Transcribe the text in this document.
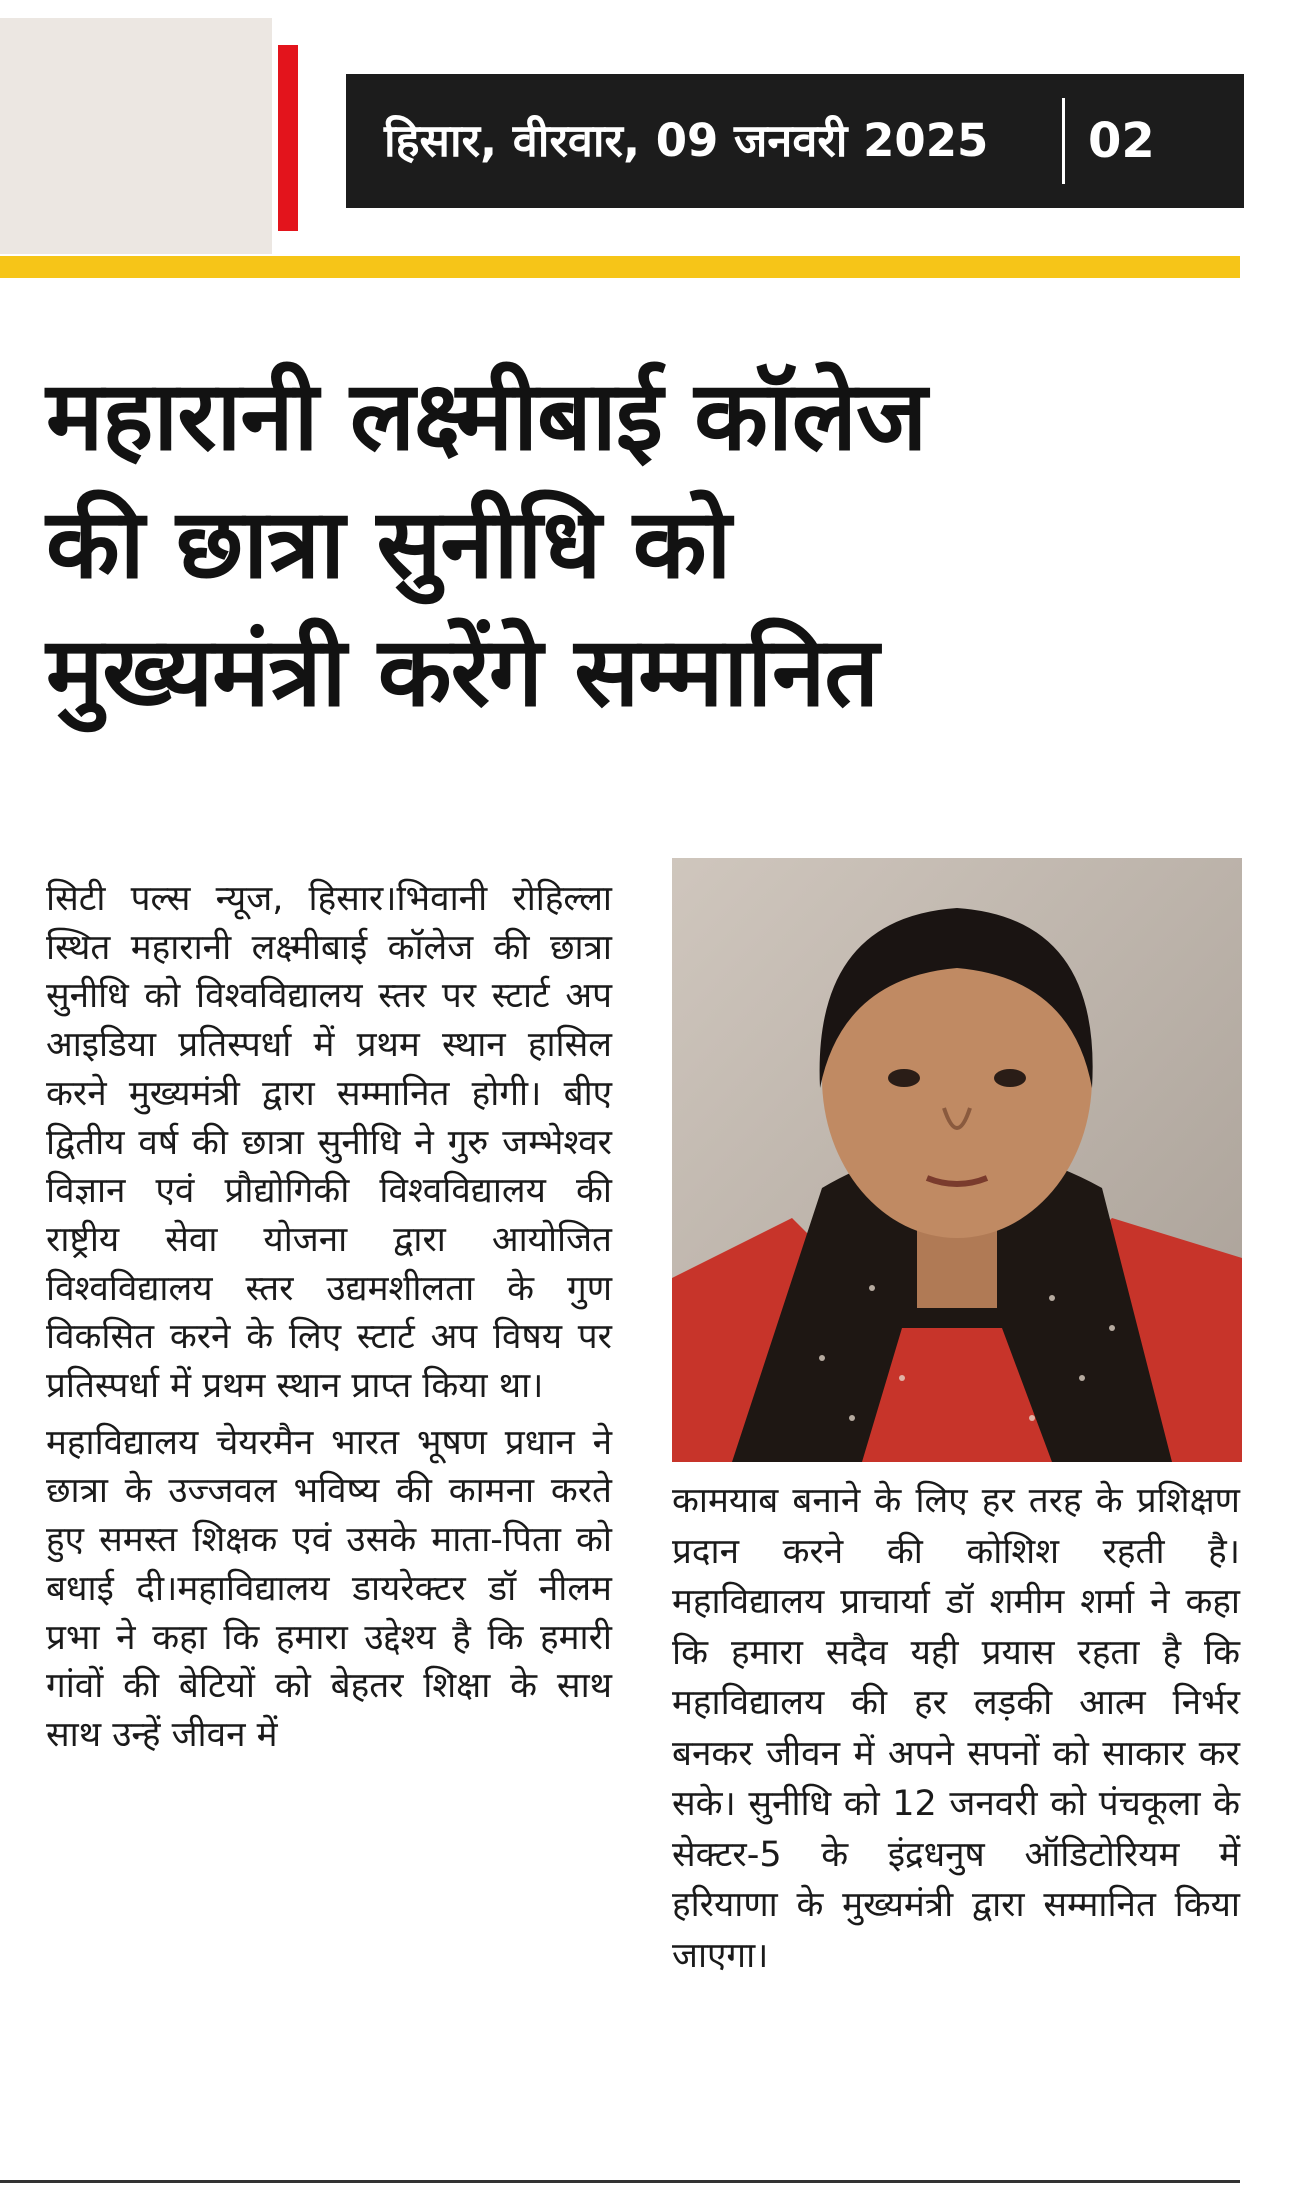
हिसार, वीरवार, 09 जनवरी 2025 02
महारानी लक्ष्मीबाई कॉलेज
की छात्रा सुनीधि को
मुख्यमंत्री करेंगे सम्मानित

सिटी पल्स न्यूज, हिसार।भिवानी रोहिल्ला स्थित महारानी लक्ष्मीबाई कॉलेज की छात्रा सुनीधि को विश्वविद्यालय स्तर पर स्टार्ट अप आइडिया प्रतिस्पर्धा में प्रथम स्थान हासिल करने मुख्यमंत्री द्वारा सम्मानित होगी। बीए द्वितीय वर्ष की छात्रा सुनीधि ने गुरु जम्भेश्वर विज्ञान एवं प्रौद्योगिकी विश्वविद्यालय की राष्ट्रीय सेवा योजना द्वारा आयोजित विश्वविद्यालय स्तर उद्यमशीलता के गुण विकसित करने के लिए स्टार्ट अप विषय पर प्रतिस्पर्धा में प्रथम स्थान प्राप्त किया था।

महाविद्यालय चेयरमैन भारत भूषण प्रधान ने छात्रा के उज्जवल भविष्य की कामना करते हुए समस्त शिक्षक एवं उसके माता-पिता को बधाई दी।महाविद्यालय डायरेक्टर डॉ नीलम प्रभा ने कहा कि हमारा उद्देश्य है कि हमारी गांवों की बेटियों को बेहतर शिक्षा के साथ साथ उन्हें जीवन में

कामयाब बनाने के लिए हर तरह के प्रशिक्षण प्रदान करने की कोशिश रहती है। महाविद्यालय प्राचार्या डॉ शमीम शर्मा ने कहा कि हमारा सदैव यही प्रयास रहता है कि महाविद्यालय की हर लड़की आत्म निर्भर बनकर जीवन में अपने सपनों को साकार कर सके। सुनीधि को 12 जनवरी को पंचकूला के सेक्टर-5 के इंद्रधनुष ऑडिटोरियम में हरियाणा के मुख्यमंत्री द्वारा सम्मानित किया जाएगा।
